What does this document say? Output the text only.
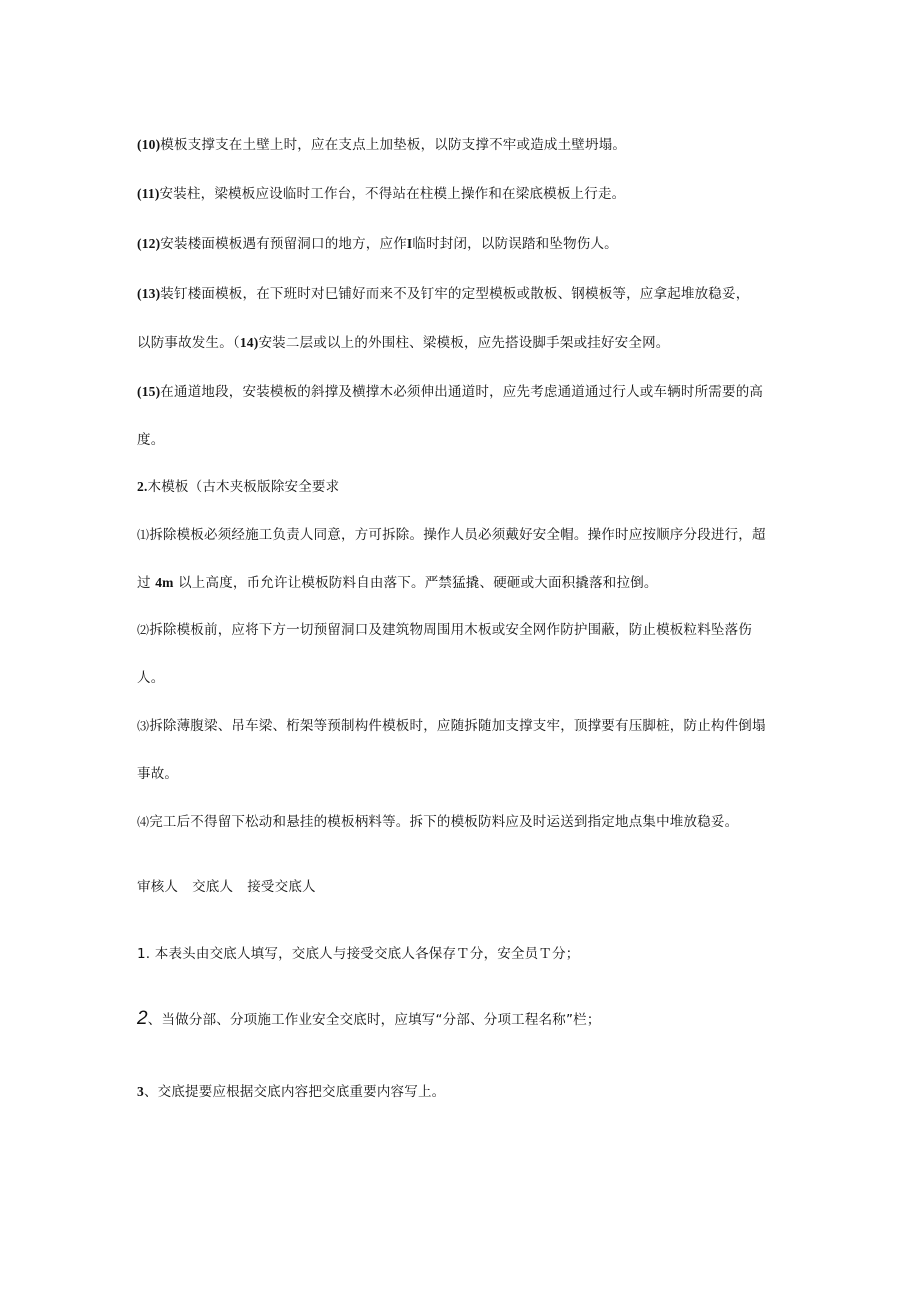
(10)模板支撑支在土壁上时，应在支点上加垫板，以防支撑不牢或造成土壁坍塌。
(11)安装柱，梁模板应设临时工作台，不得站在柱模上操作和在梁底模板上行走。
(12)安装楼面模板遇有预留洞口的地方，应作I临时封闭，以防误踏和坠物伤人。
(13)装钉楼面模板，在下班时对巳铺好而来不及钉牢的定型模板或散板、钢模板等，应拿起堆放稳妥，
以防事故发生。（14)安装二层或以上的外围柱、梁模板，应先搭设脚手架或挂好安全网。
(15)在通道地段，安装模板的斜撑及横撑木必须伸出通道时，应先考虑通道通过行人或车辆时所需要的高
度。
2.木模板（古木夹板版除安全要求
⑴拆除模板必须经施工负责人同意，方可拆除。操作人员必须戴好安全帽。操作时应按顺序分段进行，超
过 4m 以上高度，币允许让模板防料自由落下。严禁猛撬、硬砸或大面积撬落和拉倒。
⑵拆除模板前，应将下方一切预留洞口及建筑物周围用木板或安全网作防护围蔽，防止模板粒料坠落伤
人。
⑶拆除薄腹梁、吊车梁、桁架等预制构件模板时，应随拆随加支撑支牢，顶撑要有压脚桩，防止构件倒塌
事故。
⑷完工后不得留下松动和悬挂的模板柄料等。拆下的模板防料应及时运送到指定地点集中堆放稳妥。
审核人 交底人 接受交底人
1. 本表头由交底人填写，交底人与接受交底人各保存Ｔ分，安全员Ｔ分；
2、当做分部、分项施工作业安全交底时，应填写“分部、分项工程名称”栏；
3、交底提要应根据交底内容把交底重要内容写上。
